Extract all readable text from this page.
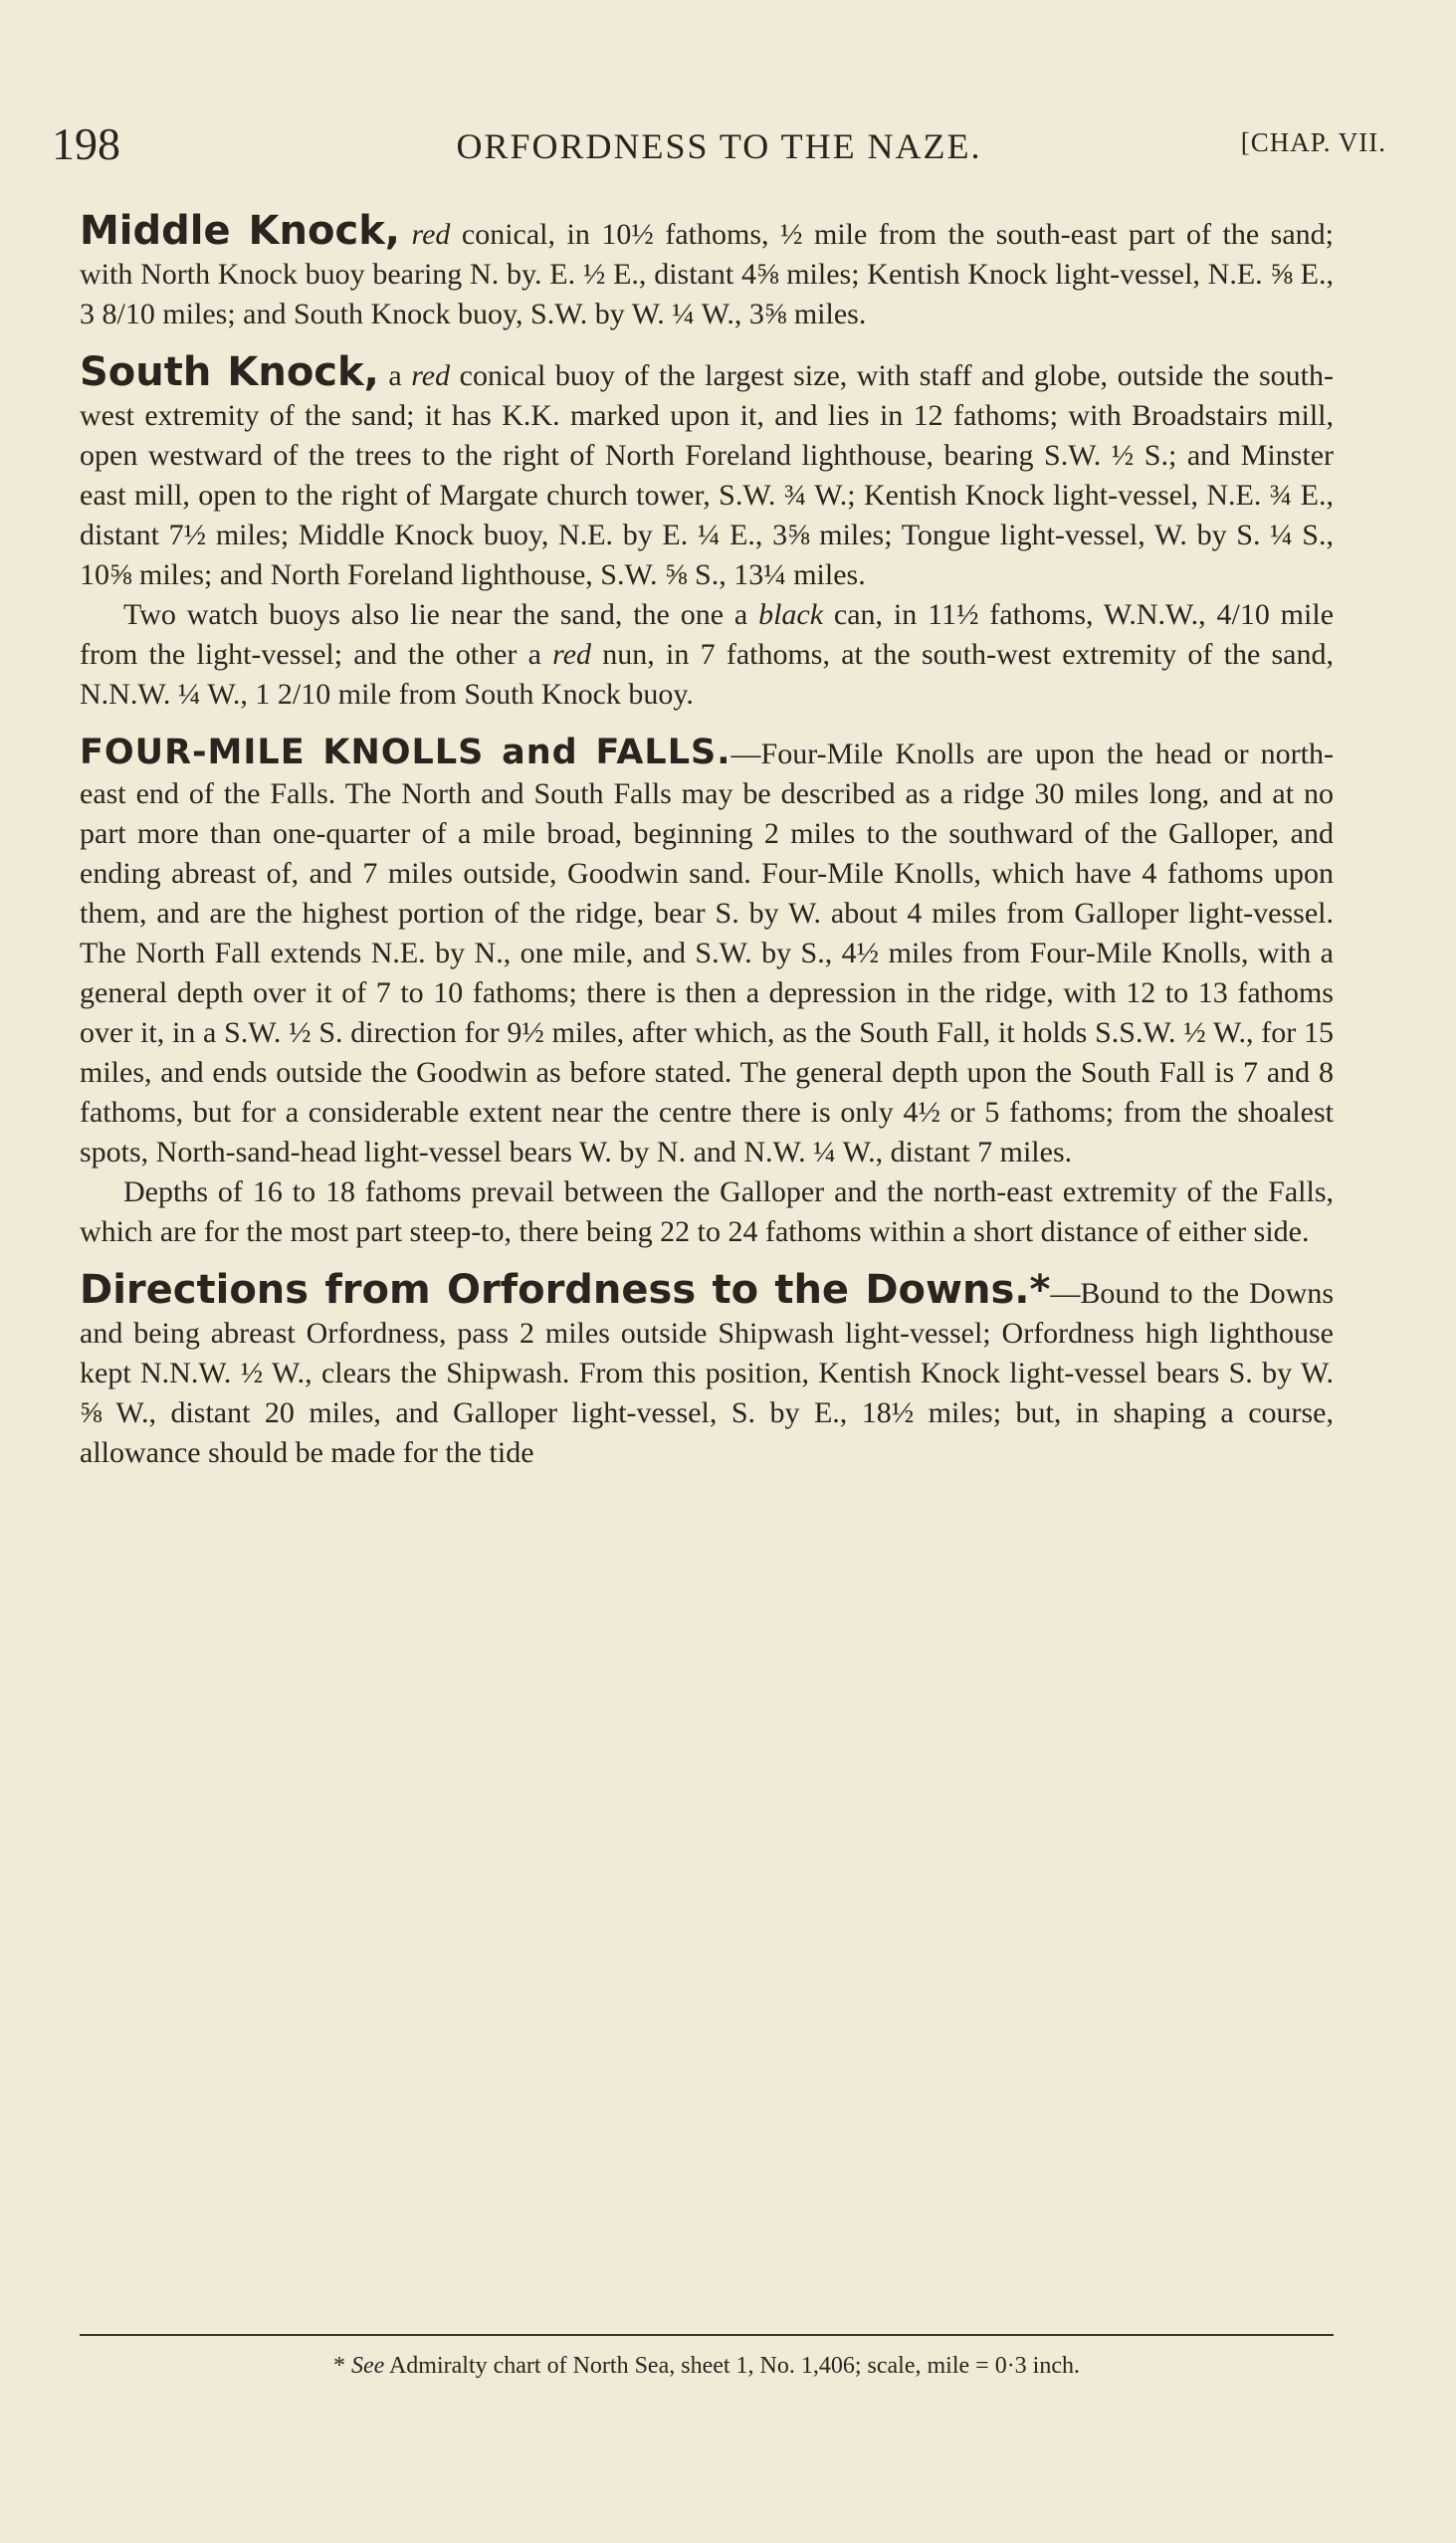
198	ORFORDNESS TO THE NAZE.	[CHAP. VII.

Middle Knock, red conical, in 10½ fathoms, ½ mile from the south-east part of the sand; with North Knock buoy bearing N. by. E. ½ E., distant 4⅝ miles; Kentish Knock light-vessel, N.E. ⅝ E., 3 8/10 miles; and South Knock buoy, S.W. by W. ¼ W., 3⅝ miles.

South Knock, a red conical buoy of the largest size, with staff and globe, outside the south-west extremity of the sand; it has K.K. marked upon it, and lies in 12 fathoms; with Broadstairs mill, open westward of the trees to the right of North Foreland lighthouse, bearing S.W. ½ S.; and Minster east mill, open to the right of Margate church tower, S.W. ¾ W.; Kentish Knock light-vessel, N.E. ¾ E., distant 7½ miles; Middle Knock buoy, N.E. by E. ¼ E., 3⅝ miles; Tongue light-vessel, W. by S. ¼ S., 10⅝ miles; and North Foreland lighthouse, S.W. ⅝ S., 13¼ miles.

Two watch buoys also lie near the sand, the one a black can, in 11½ fathoms, W.N.W., 4/10 mile from the light-vessel; and the other a red nun, in 7 fathoms, at the south-west extremity of the sand, N.N.W. ¼ W., 1 2/10 mile from South Knock buoy.

FOUR-MILE KNOLLS and FALLS.—Four-Mile Knolls are upon the head or north-east end of the Falls. The North and South Falls may be described as a ridge 30 miles long, and at no part more than one-quarter of a mile broad, beginning 2 miles to the southward of the Galloper, and ending abreast of, and 7 miles outside, Goodwin sand. Four-Mile Knolls, which have 4 fathoms upon them, and are the highest portion of the ridge, bear S. by W. about 4 miles from Galloper light-vessel. The North Fall extends N.E. by N., one mile, and S.W. by S., 4½ miles from Four-Mile Knolls, with a general depth over it of 7 to 10 fathoms; there is then a depression in the ridge, with 12 to 13 fathoms over it, in a S.W. ½ S. direction for 9½ miles, after which, as the South Fall, it holds S.S.W. ½ W., for 15 miles, and ends outside the Goodwin as before stated. The general depth upon the South Fall is 7 and 8 fathoms, but for a considerable extent near the centre there is only 4½ or 5 fathoms; from the shoalest spots, North-sand-head light-vessel bears W. by N. and N.W. ¼ W., distant 7 miles.

Depths of 16 to 18 fathoms prevail between the Galloper and the north-east extremity of the Falls, which are for the most part steep-to, there being 22 to 24 fathoms within a short distance of either side.

Directions from Orfordness to the Downs.*—Bound to the Downs and being abreast Orfordness, pass 2 miles outside Shipwash light-vessel; Orfordness high lighthouse kept N.N.W. ½ W., clears the Shipwash. From this position, Kentish Knock light-vessel bears S. by W. ⅝ W., distant 20 miles, and Galloper light-vessel, S. by E., 18½ miles; but, in shaping a course, allowance should be made for the tide

* See Admiralty chart of North Sea, sheet 1, No. 1,406; scale, mile = 0·3 inch.
